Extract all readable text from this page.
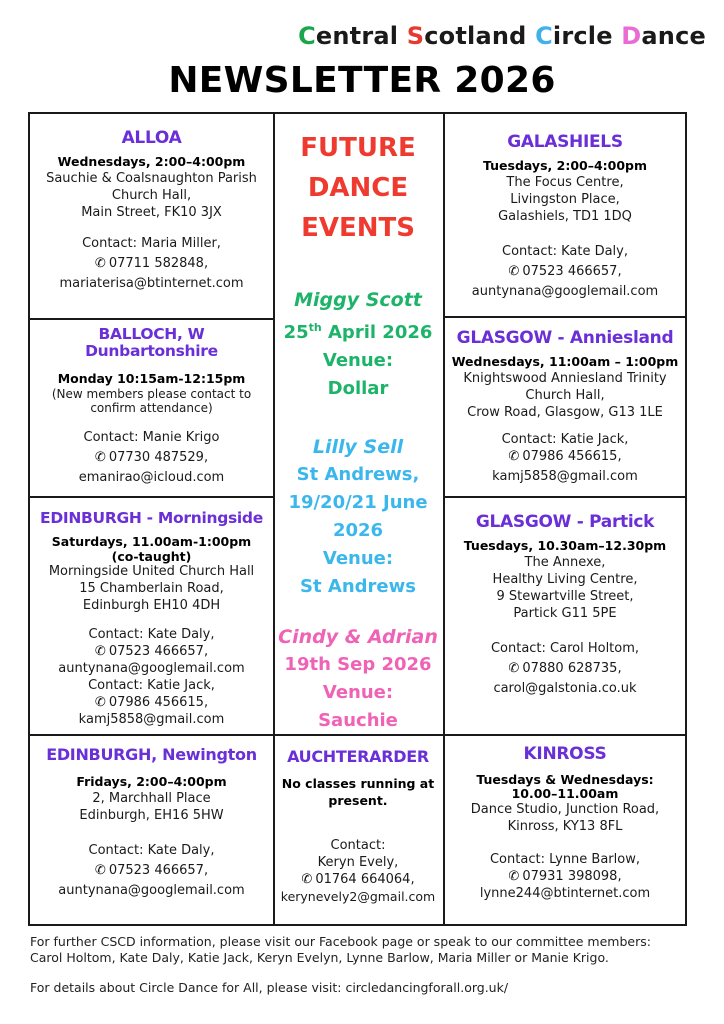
Central Scotland Circle Dance
NEWSLETTER 2026
ALLOA
Wednesdays, 2:00–4:00pm
Sauchie & Coalsnaughton Parish
Church Hall,
Main Street, FK10 3JX
Contact: Maria Miller,
✆ 07711 582848,
mariaterisa@btinternet.com
BALLOCH, W Dunbartonshire
Monday 10:15am-12:15pm
(New members please contact to
confirm attendance)
Contact: Manie Krigo
✆ 07730 487529,
emanirao@icloud.com
EDINBURGH - Morningside
Saturdays, 11.00am-1:00pm
(co-taught)
Morningside United Church Hall
15 Chamberlain Road,
Edinburgh EH10 4DH
Contact: Kate Daly,
✆ 07523 466657,
auntynana@googlemail.com
Contact: Katie Jack,
✆ 07986 456615,
kamj5858@gmail.com
EDINBURGH, Newington
Fridays, 2:00–4:00pm
2, Marchhall Place
Edinburgh, EH16 5HW
Contact: Kate Daly,
✆ 07523 466657,
auntynana@googlemail.com
FUTURE
DANCE
EVENTS
Miggy Scott
25th April 2026
Venue:
Dollar
Lilly Sell
St Andrews,
19/20/21 June
2026
Venue:
St Andrews
Cindy & Adrian
19th Sep 2026
Venue:
Sauchie
AUCHTERARDER
No classes running at
present.
Contact:
Keryn Evely,
✆ 01764 664064,
kerynevely2@gmail.com
GALASHIELS
Tuesdays, 2:00–4:00pm
The Focus Centre,
Livingston Place,
Galashiels, TD1 1DQ
Contact: Kate Daly,
✆ 07523 466657,
auntynana@googlemail.com
GLASGOW - Anniesland
Wednesdays, 11:00am – 1:00pm
Knightswood Anniesland Trinity
Church Hall,
Crow Road, Glasgow, G13 1LE
Contact: Katie Jack,
✆ 07986 456615,
kamj5858@gmail.com
GLASGOW - Partick
Tuesdays, 10.30am–12.30pm
The Annexe,
Healthy Living Centre,
9 Stewartville Street,
Partick G11 5PE
Contact: Carol Holtom,
✆ 07880 628735,
carol@galstonia.co.uk
KINROSS
Tuesdays & Wednesdays:
10.00–11.00am
Dance Studio, Junction Road,
Kinross, KY13 8FL
Contact: Lynne Barlow,
✆ 07931 398098,
lynne244@btinternet.com
For further CSCD information, please visit our Facebook page or speak to our committee members:
Carol Holtom, Kate Daly, Katie Jack, Keryn Evelyn, Lynne Barlow, Maria Miller or Manie Krigo.
For details about Circle Dance for All, please visit: circledancingforall.org.uk/
